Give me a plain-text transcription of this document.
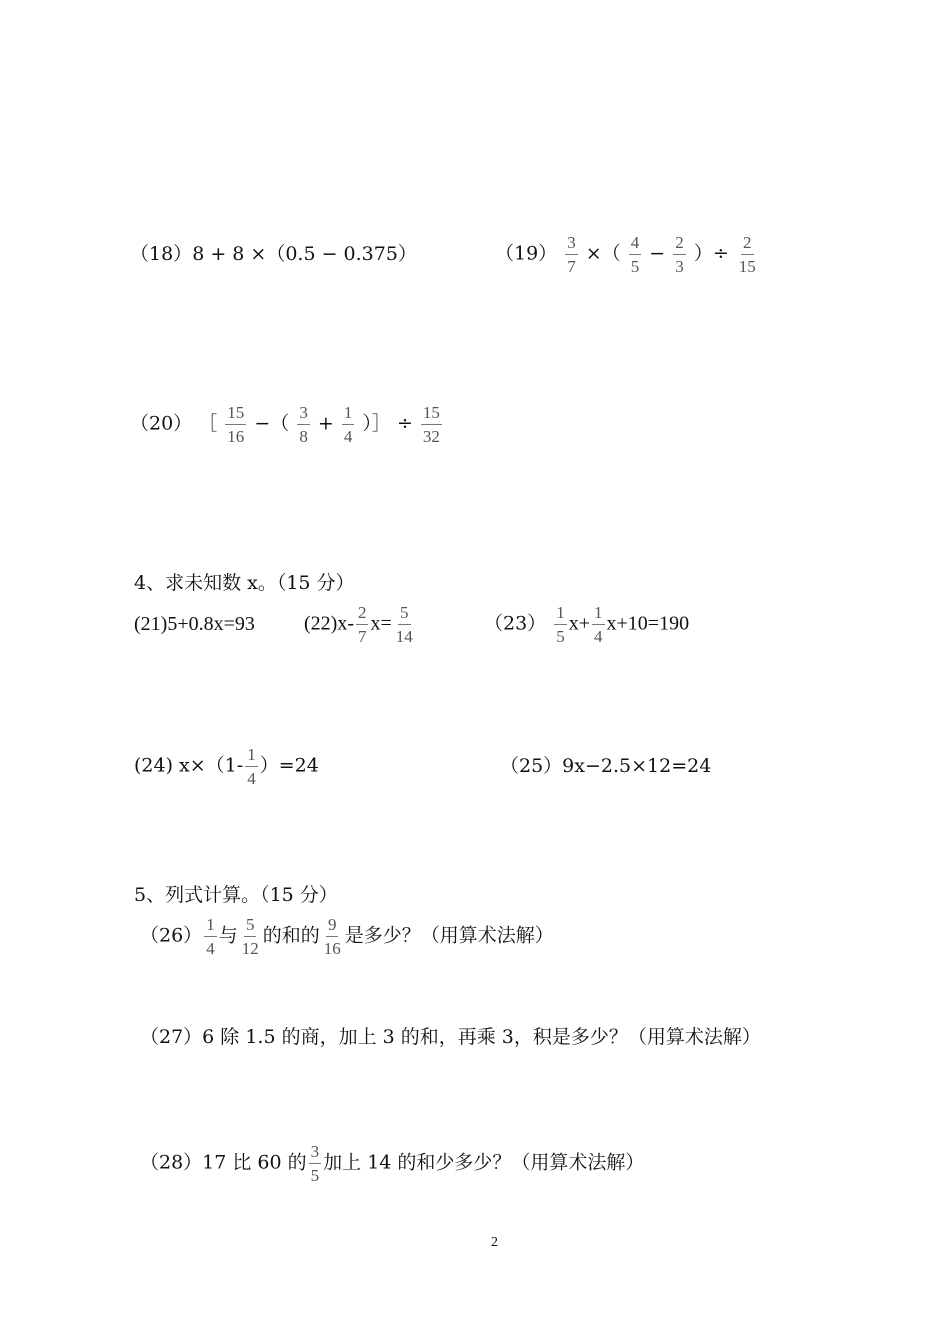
（18）8 + 8 ×（0.5 − 0.375）	$(19) \frac{3}{7}$ ×（ $\frac{4}{5} - \frac{2}{3}$ ）÷ $\frac{2}{15}$
（20） ［ $\frac{15}{16}$ −（ $\frac{3}{8} + \frac{1}{4}$ ）］ ÷ $\frac{15}{32}$
4、求未知数 x。（15 分）
(21)5+0.8x=93 $(22)x- \frac{2}{7} x= \frac{5}{14}$	$(23) \frac{1}{5} x+ \frac{1}{4} x+10=190$
(24) $x\times(1- \frac{1}{4} )=24$	（25）9x−2.5×12=24
5、列式计算。（15 分）
$(26) \frac{1}{4}$ 与 $\frac{5}{12}$ 的和的 $\frac{9}{16}$ 是多少？（用算术法解）
（27）6 除 1.5 的商，加上 3 的和，再乘 3，积是多少？（用算术法解）
（28）17 比 60 的 $\frac{3}{5}$ 加上 14 的和少多少？（用算术法解）
2
